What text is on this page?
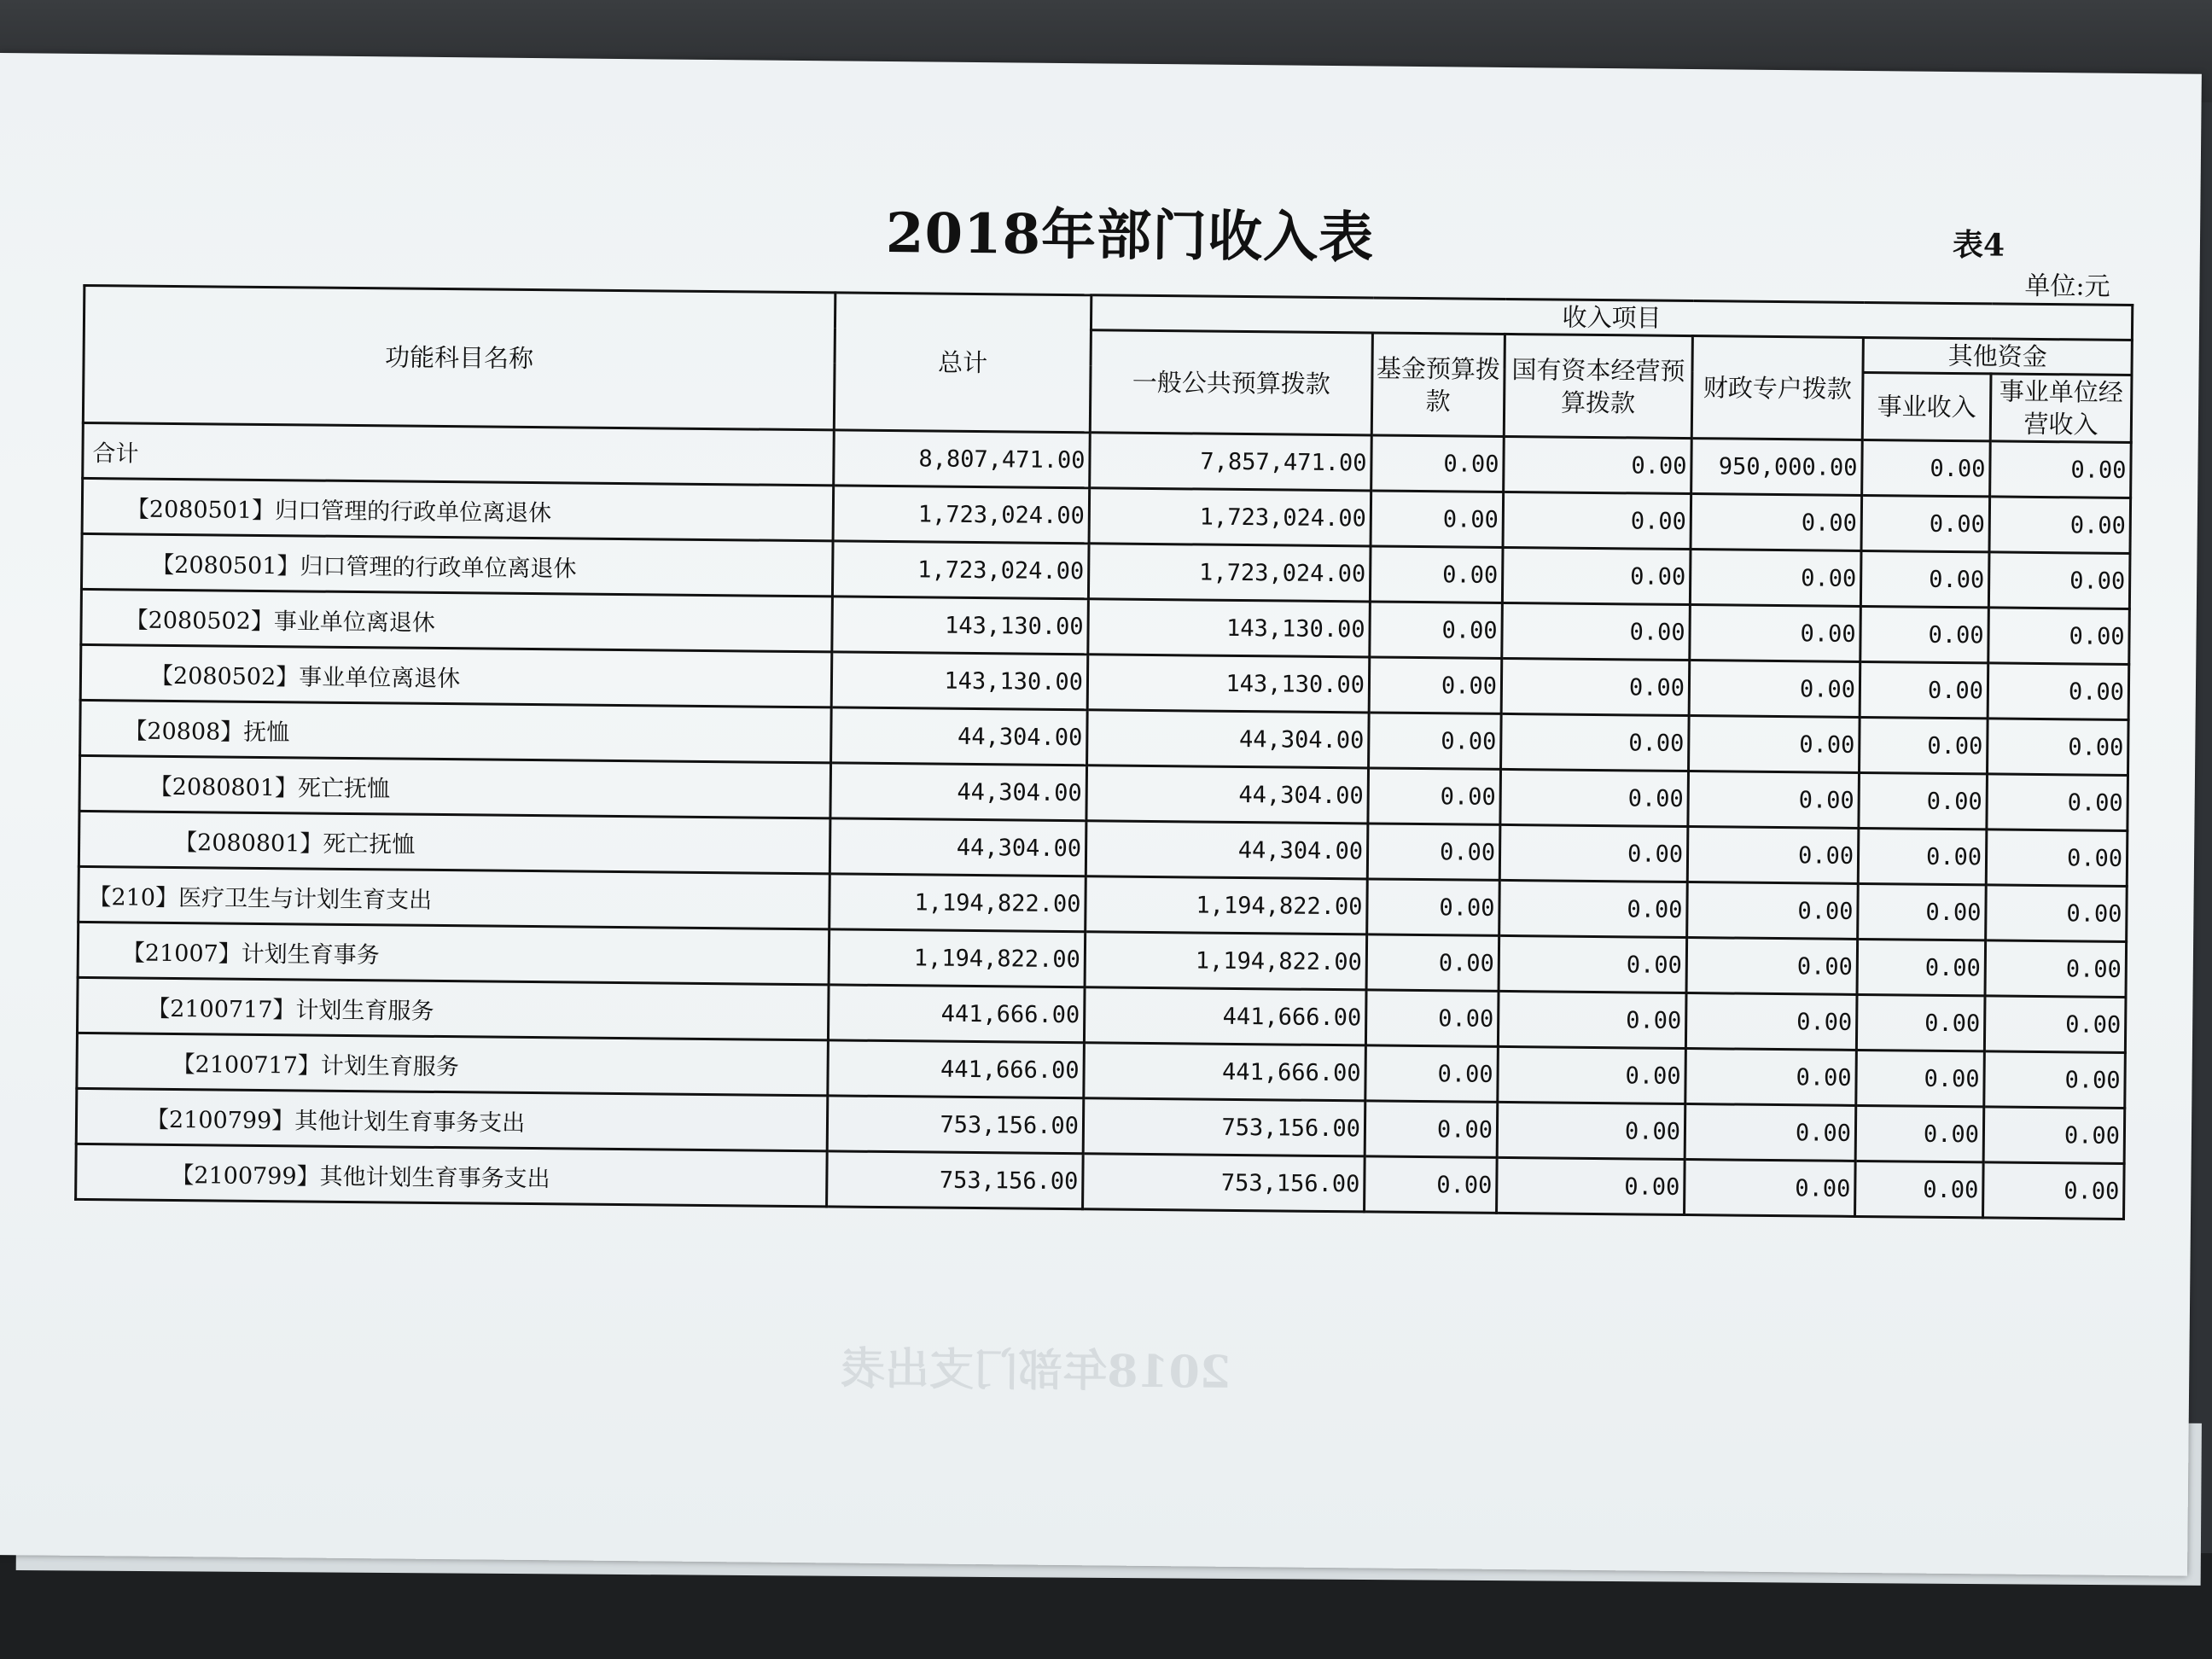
2018年部门收入表	表4
单位:元
功能科目名称	总计	收入项目					
		一般公共预算拨款	基金预算拨款	国有资本经营预算拨款	财政专户拨款	其他资金	
						事业收入	事业单位经营收入
合计	8,807,471.00	7,857,471.00	0.00	0.00	950,000.00	0.00	0.00
【2080501】归口管理的行政单位离退休	1,723,024.00	1,723,024.00	0.00	0.00	0.00	0.00	0.00
【2080501】归口管理的行政单位离退休	1,723,024.00	1,723,024.00	0.00	0.00	0.00	0.00	0.00
【2080502】事业单位离退休	143,130.00	143,130.00	0.00	0.00	0.00	0.00	0.00
【2080502】事业单位离退休	143,130.00	143,130.00	0.00	0.00	0.00	0.00	0.00
【20808】抚恤	44,304.00	44,304.00	0.00	0.00	0.00	0.00	0.00
【2080801】死亡抚恤	44,304.00	44,304.00	0.00	0.00	0.00	0.00	0.00
【2080801】死亡抚恤	44,304.00	44,304.00	0.00	0.00	0.00	0.00	0.00
【210】医疗卫生与计划生育支出	1,194,822.00	1,194,822.00	0.00	0.00	0.00	0.00	0.00
【21007】计划生育事务	1,194,822.00	1,194,822.00	0.00	0.00	0.00	0.00	0.00
【2100717】计划生育服务	441,666.00	441,666.00	0.00	0.00	0.00	0.00	0.00
【2100717】计划生育服务	441,666.00	441,666.00	0.00	0.00	0.00	0.00	0.00
【2100799】其他计划生育事务支出	753,156.00	753,156.00	0.00	0.00	0.00	0.00	0.00
【2100799】其他计划生育事务支出	753,156.00	753,156.00	0.00	0.00	0.00	0.00	0.00
2018年部门支出表
